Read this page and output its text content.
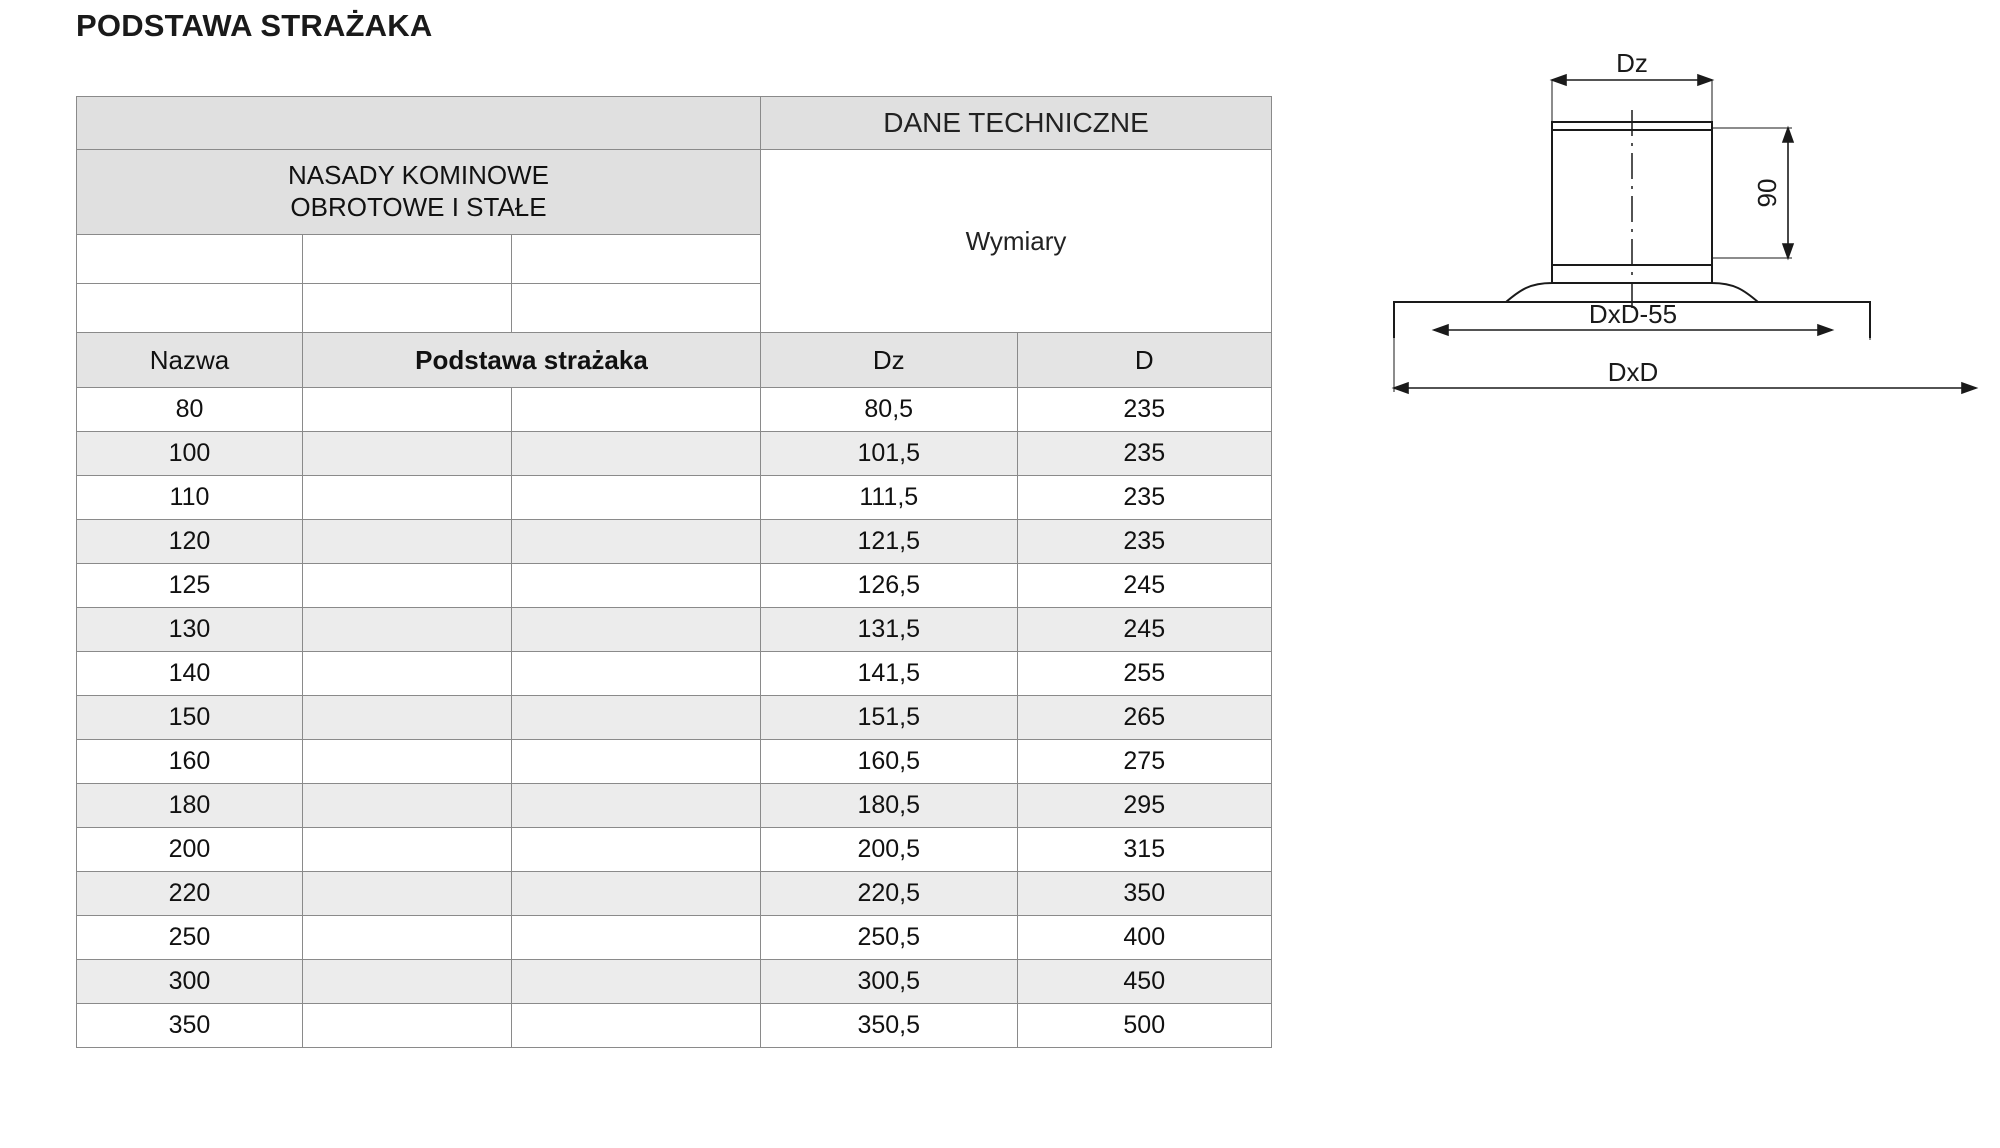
PODSTAWA STRAŻAKA
			DANE TECHNICZNE	

NASADY KOMINOWE
OBROTOWE I STAŁE			Wymiary	

Nazwa	Podstawa strażaka		Dz	D
80			80,5	235
100			101,5	235
110			111,5	235
120			121,5	235
125			126,5	245
130			131,5	245
140			141,5	255
150			151,5	265
160			160,5	275
180			180,5	295
200			200,5	315
220			220,5	350
250			250,5	400
300			300,5	450
350			350,5	500
Dz
90
DxD-55
DxD
